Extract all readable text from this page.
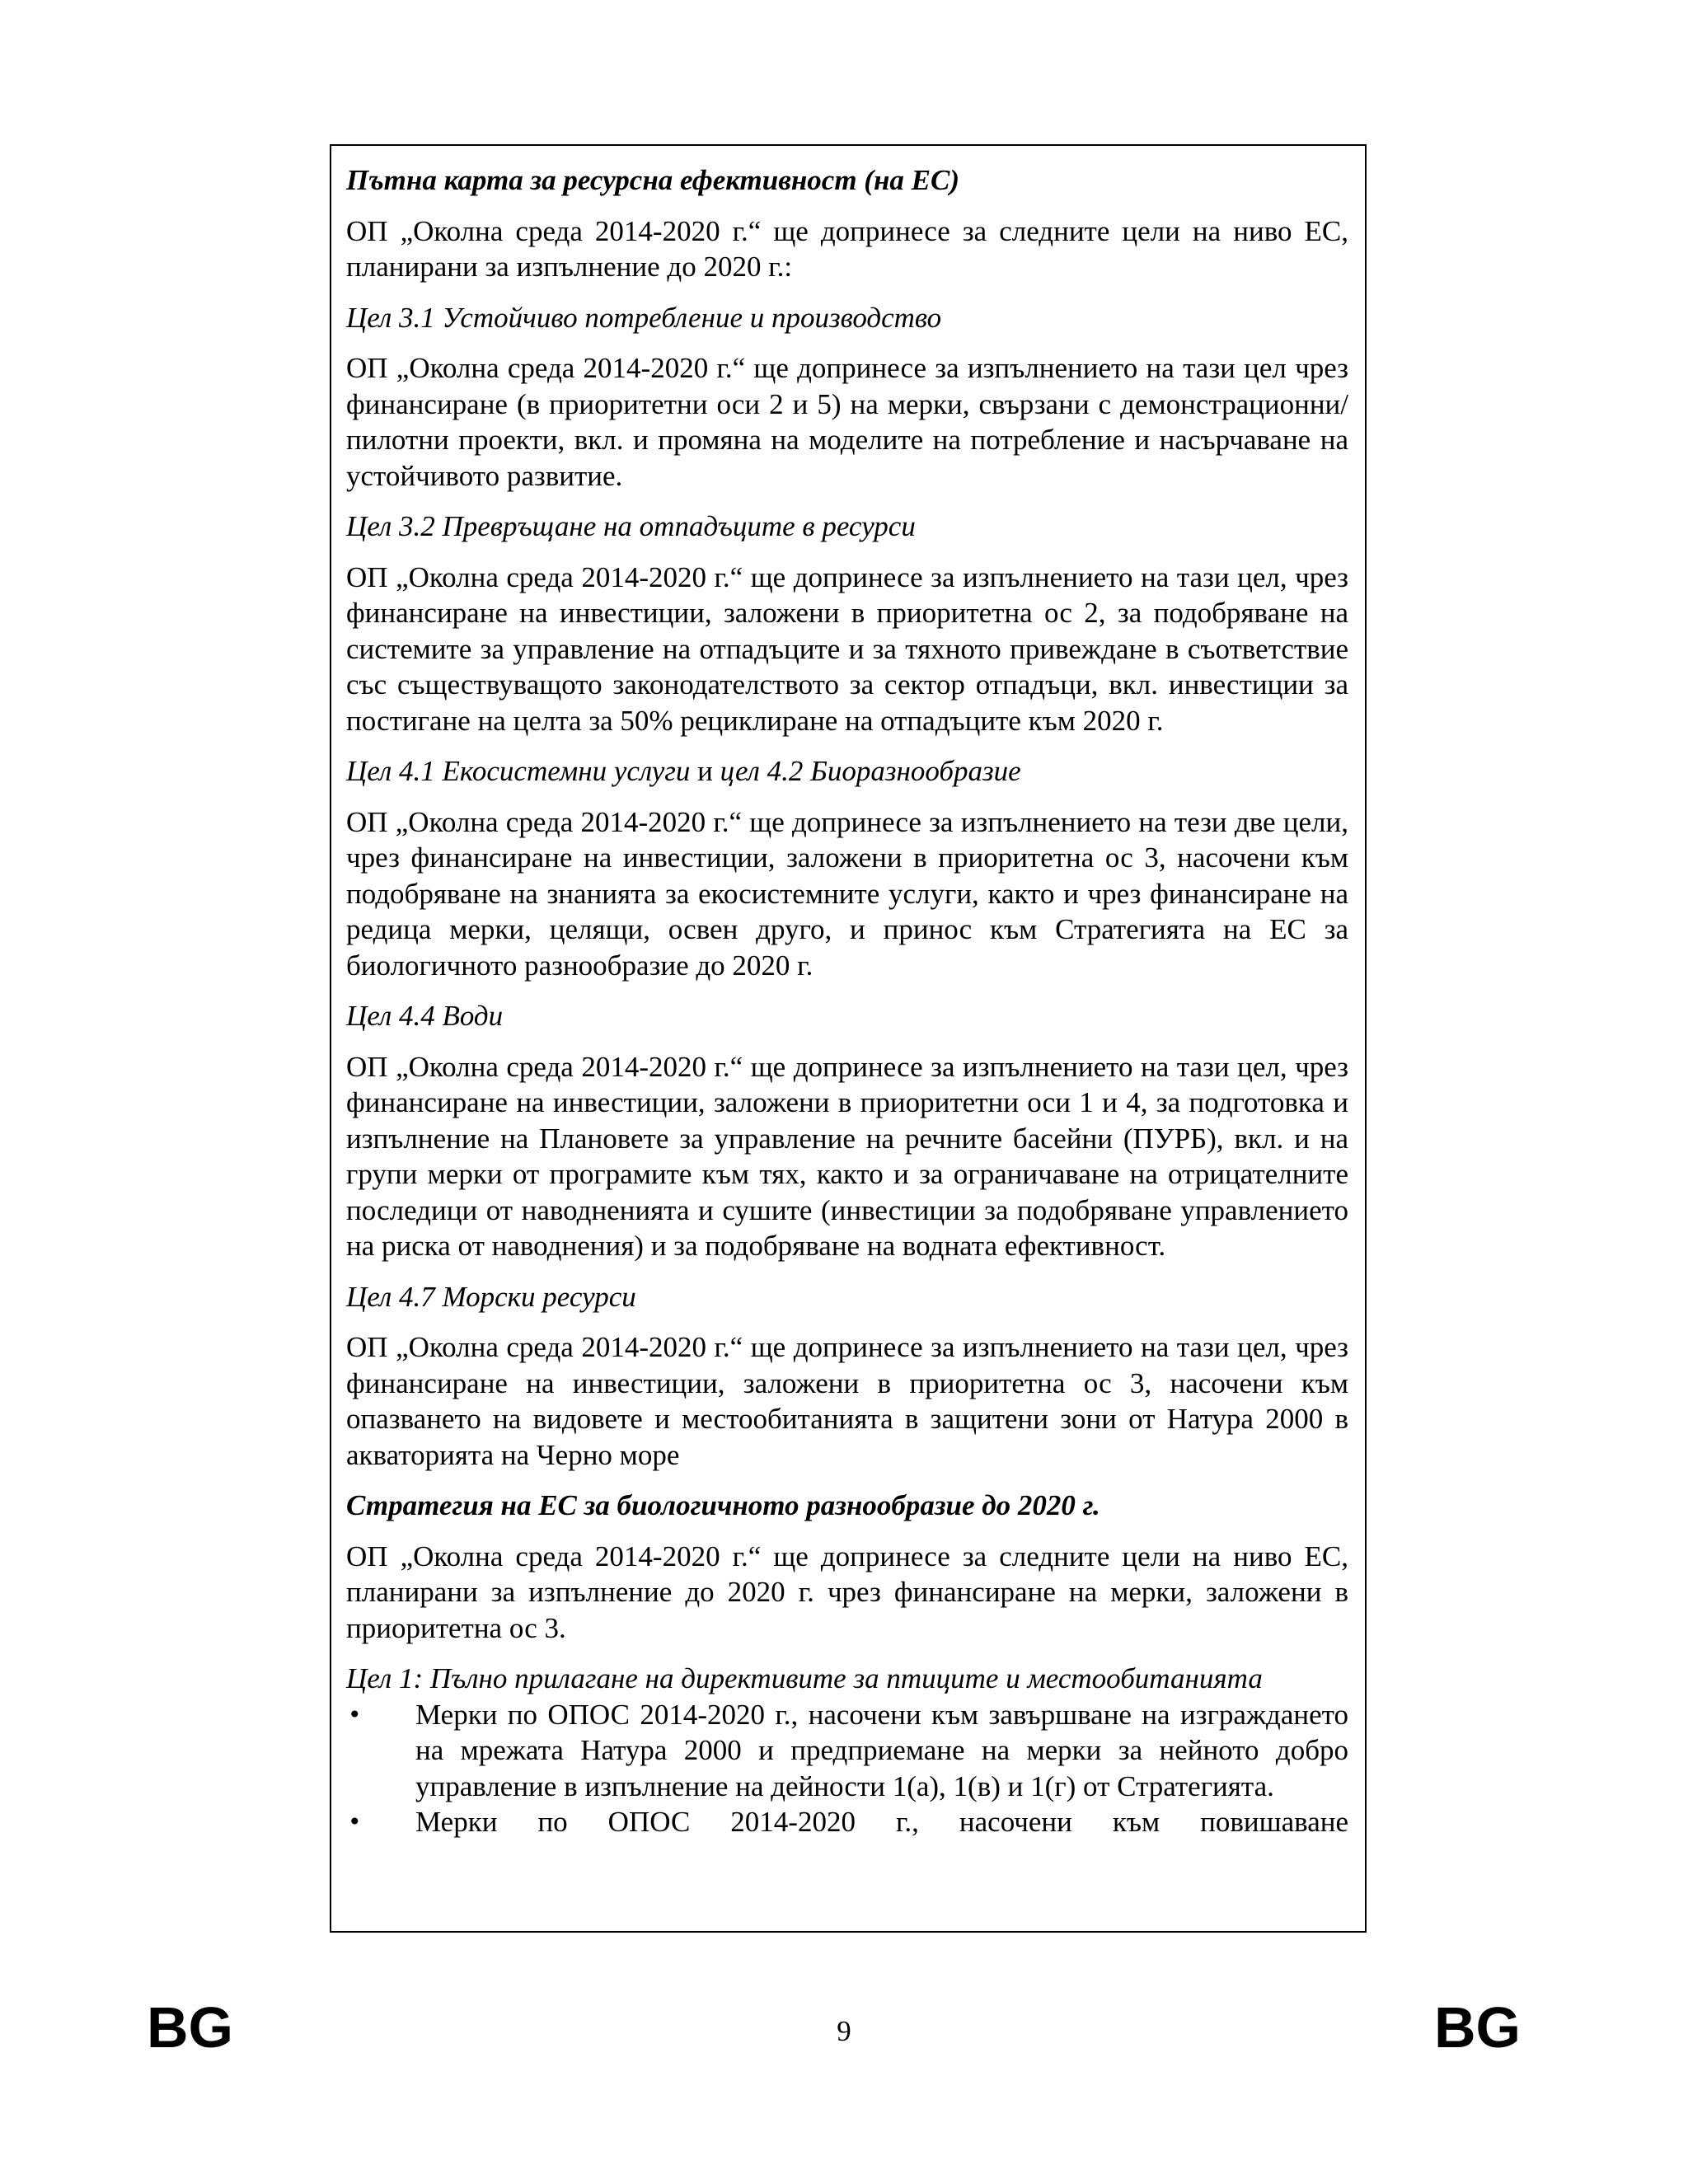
Пътна карта за ресурсна ефективност (на ЕС)

ОП „Околна среда 2014-2020 г.“ ще допринесе за следните цели на ниво ЕС, планирани за изпълнение до 2020 г.:

Цел 3.1 Устойчиво потребление и производство

ОП „Околна среда 2014-2020 г.“ ще допринесе за изпълнението на тази цел чрез финансиране (в приоритетни оси 2 и 5) на мерки, свързани с демонстрационни/пилотни проекти, вкл. и промяна на моделите на потребление и насърчаване на устойчивото развитие.

Цел 3.2 Превръщане на отпадъците в ресурси

ОП „Околна среда 2014-2020 г.“ ще допринесе за изпълнението на тази цел, чрез финансиране на инвестиции, заложени в приоритетна ос 2, за подобряване на системите за управление на отпадъците и за тяхното привеждане в съответствие със съществуващото законодателството за сектор отпадъци, вкл. инвестиции за постигане на целта за 50% рециклиране на отпадъците към 2020 г.

Цел 4.1 Екосистемни услуги и цел 4.2 Биоразнообразие

ОП „Околна среда 2014-2020 г.“ ще допринесе за изпълнението на тези две цели, чрез финансиране на инвестиции, заложени в приоритетна ос 3, насочени към подобряване на знанията за екосистемните услуги, както и чрез финансиране на редица мерки, целящи, освен друго, и принос към Стратегията на ЕС за биологичното разнообразие до 2020 г.

Цел 4.4 Води

ОП „Околна среда 2014-2020 г.“ ще допринесе за изпълнението на тази цел, чрез финансиране на инвестиции, заложени в приоритетни оси 1 и 4, за подготовка и изпълнение на Плановете за управление на речните басейни (ПУРБ), вкл. и на групи мерки от програмите към тях, както и за ограничаване на отрицателните последици от наводненията и сушите (инвестиции за подобряване управлението на риска от наводнения) и за подобряване на водната ефективност.

Цел 4.7 Морски ресурси

ОП „Околна среда 2014-2020 г.“ ще допринесе за изпълнението на тази цел, чрез финансиране на инвестиции, заложени в приоритетна ос 3, насочени към опазването на видовете и местообитанията в защитени зони от Натура 2000 в акваторията на Черно море

Стратегия на ЕС за биологичното разнообразие до 2020 г.

ОП „Околна среда 2014-2020 г.“ ще допринесе за следните цели на ниво ЕС, планирани за изпълнение до 2020 г. чрез финансиране на мерки, заложени в приоритетна ос 3.

Цел 1: Пълно прилагане на директивите за птиците и местообитанията

• Мерки по ОПОС 2014-2020 г., насочени към завършване на изграждането на мрежата Натура 2000 и предприемане на мерки за нейното добро управление в изпълнение на дейности 1(а), 1(в) и 1(г) от Стратегията.
• Мерки по ОПОС 2014-2020 г., насочени към повишаване
BG	9	BG
